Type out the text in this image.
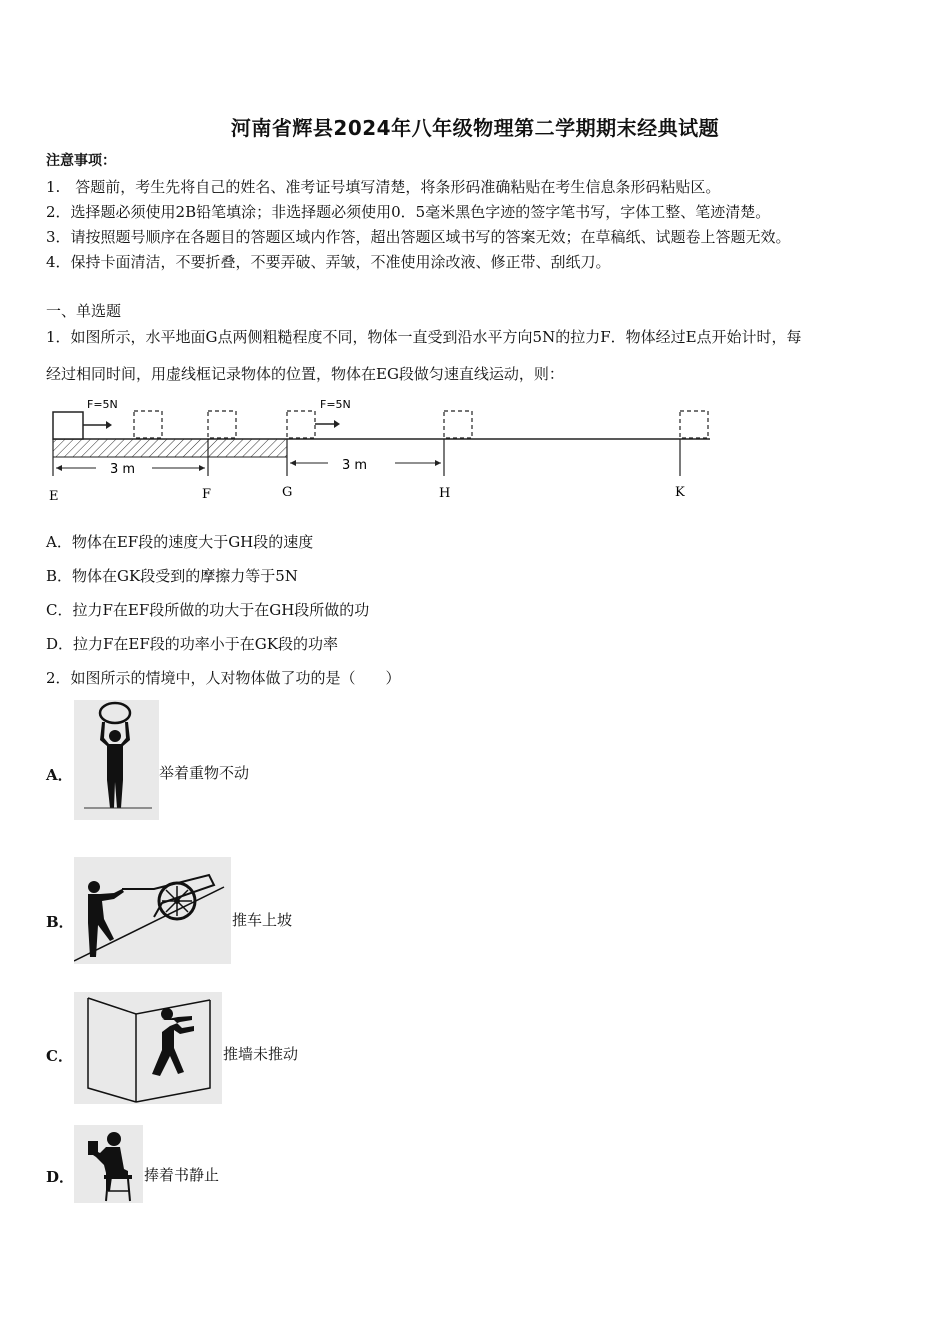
河南省辉县2024年八年级物理第二学期期末经典试题
注意事项：
1.　答题前，考生先将自己的姓名、准考证号填写清楚，将条形码准确粘贴在考生信息条形码粘贴区。
2．选择题必须使用2B铅笔填涂；非选择题必须使用0．5毫米黑色字迹的签字笔书写，字体工整、笔迹清楚。
3．请按照题号顺序在各题目的答题区域内作答，超出答题区域书写的答案无效；在草稿纸、试题卷上答题无效。
4．保持卡面清洁，不要折叠，不要弄破、弄皱，不准使用涂改液、修正带、刮纸刀。
一、单选题
1．如图所示，水平地面G点两侧粗糙程度不同，物体一直受到沿水平方向5N的拉力F．物体经过E点开始计时，每
经过相同时间，用虚线框记录物体的位置，物体在EG段做匀速直线运动，则：
F=5N	F=5N
3 m	3 m
E	F	G	H	K
A．物体在EF段的速度大于GH段的速度
B．物体在GK段受到的摩擦力等于5N
C．拉力F在EF段所做的功大于在GH段所做的功
D．拉力F在EF段的功率小于在GK段的功率
2．如图所示的情境中，人对物体做了功的是（　　）
A．	举着重物不动
B．	推车上坡
C．	推墙未推动
D．	捧着书静止
